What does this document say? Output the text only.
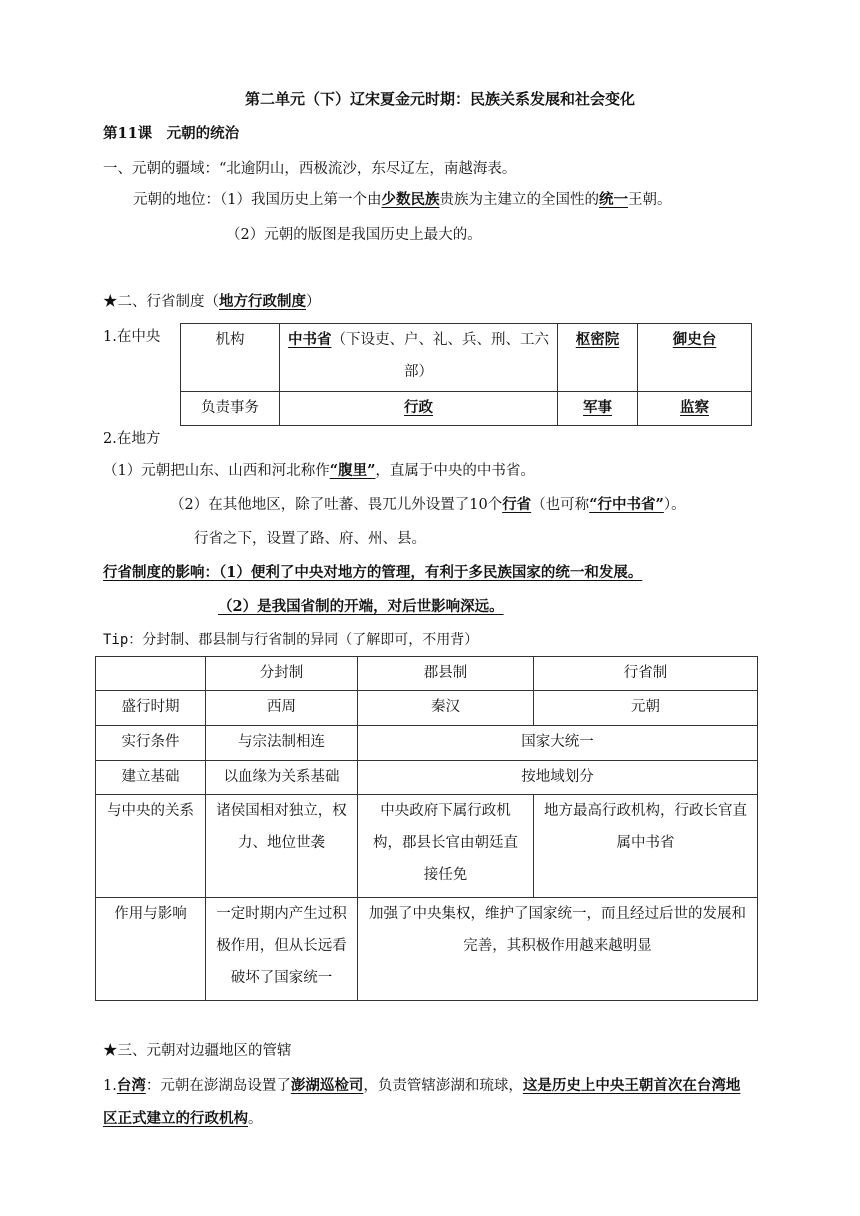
第二单元（下）辽宋夏金元时期：民族关系发展和社会变化
第11课　元朝的统治
一、元朝的疆域：“北逾阴山，西极流沙，东尽辽左，南越海表。
元朝的地位：（1）我国历史上第一个由少数民族贵族为主建立的全国性的统一王朝。
（2）元朝的版图是我国历史上最大的。
★二、行省制度（地方行政制度）
1.在中央	机构	中书省（下设吏、户、礼、兵、刑、工六部）	枢密院	御史台
负责事务	行政	军事	监察
2.在地方
（1）元朝把山东、山西和河北称作“腹里”，直属于中央的中书省。
（2）在其他地区，除了吐蕃、畏兀儿外设置了10个行省（也可称“行中书省”）。
行省之下，设置了路、府、州、县。
行省制度的影响：（1）便利了中央对地方的管理，有利于多民族国家的统一和发展。
（2）是我国省制的开端，对后世影响深远。
Tip：分封制、郡县制与行省制的异同（了解即可，不用背）
	分封制	郡县制	行省制
盛行时期	西周	秦汉	元朝
实行条件	与宗法制相连	国家大统一	
建立基础	以血缘为关系基础	按地域划分	
与中央的关系	诸侯国相对独立，权力、地位世袭	中央政府下属行政机构，郡县长官由朝廷直接任免	地方最高行政机构，行政长官直属中书省
作用与影响	一定时期内产生过积极作用，但从长远看破坏了国家统一	加强了中央集权，维护了国家统一，而且经过后世的发展和完善，其积极作用越来越明显	
★三、元朝对边疆地区的管辖
1.台湾：元朝在澎湖岛设置了澎湖巡检司，负责管辖澎湖和琉球，这是历史上中央王朝首次在台湾地
区正式建立的行政机构。
